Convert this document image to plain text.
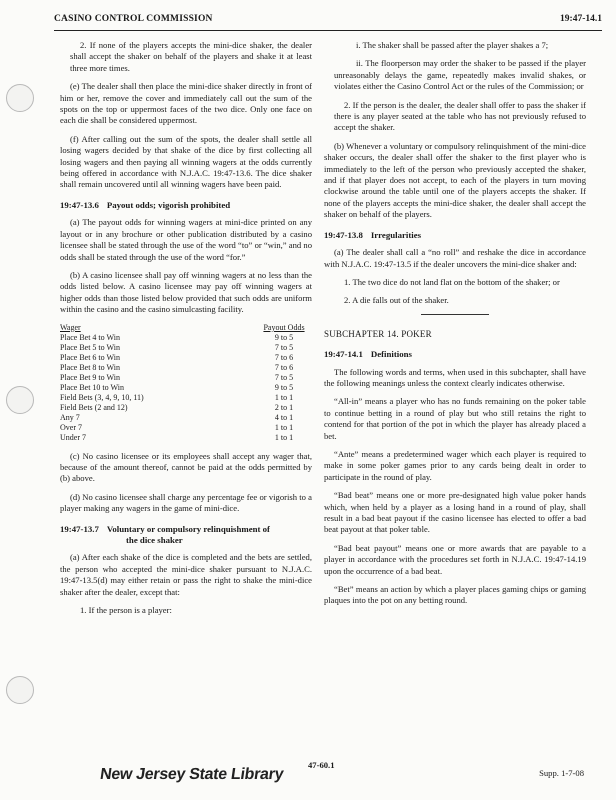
CASINO CONTROL COMMISSION	19:47-14.1

2. If none of the players accepts the mini-dice shaker, the dealer shall accept the shaker on behalf of the players and shake it at least three more times.

(e) The dealer shall then place the mini-dice shaker directly in front of him or her, remove the cover and immediately call out the sum of the spots on the top or uppermost faces of the two dice. Only one face on each die shall be considered uppermost.

(f) After calling out the sum of the spots, the dealer shall settle all losing wagers decided by that shake of the dice by first collecting all losing wagers and then paying all winning wagers at the odds currently being offered in accordance with N.J.A.C. 19:47-13.6. The dice shaker shall remain uncovered until all winning wagers have been paid.

19:47-13.6 Payout odds; vigorish prohibited

(a) The payout odds for winning wagers at mini-dice printed on any layout or in any brochure or other publication distributed by a casino licensee shall be stated through the use of the word “to” or “win,” and no odds shall be stated through the use of the word “for.”

(b) A casino licensee shall pay off winning wagers at no less than the odds listed below. A casino licensee may pay off winning wagers at higher odds than those listed below provided that such odds are uniform within the casino and the casino simulcasting facility.

Wager	Payout Odds
Place Bet 4 to Win	9 to 5
Place Bet 5 to Win	7 to 5
Place Bet 6 to Win	7 to 6
Place Bet 8 to Win	7 to 6
Place Bet 9 to Win	7 to 5
Place Bet 10 to Win	9 to 5
Field Bets (3, 4, 9, 10, 11)	1 to 1
Field Bets (2 and 12)	2 to 1
Any 7	4 to 1
Over 7	1 to 1
Under 7	1 to 1

(c) No casino licensee or its employees shall accept any wager that, because of the amount thereof, cannot be paid at the odds permitted by (b) above.

(d) No casino licensee shall charge any percentage fee or vigorish to a player making any wagers in the game of mini-dice.

19:47-13.7 Voluntary or compulsory relinquishment of
the dice shaker

(a) After each shake of the dice is completed and the bets are settled, the person who accepted the mini-dice shaker pursuant to N.J.A.C. 19:47-13.5(d) may either retain or pass the right to shake the mini-dice shaker after the dealer, except that:

1. If the person is a player:

i. The shaker shall be passed after the player shakes a 7;

ii. The floorperson may order the shaker to be passed if the player unreasonably delays the game, repeatedly makes invalid shakes, or violates either the Casino Control Act or the rules of the Commission; or

2. If the person is the dealer, the dealer shall offer to pass the shaker if there is any player seated at the table who has not previously refused to accept the shaker.

(b) Whenever a voluntary or compulsory relinquishment of the mini-dice shaker occurs, the dealer shall offer the shaker to the first player who is immediately to the left of the person who previously accepted the shaker, and if that player does not accept, to each of the players in turn moving clockwise around the table until one of the players accepts the shaker. If none of the players accepts the mini-dice shaker, the dealer shall accept the shaker on behalf of the players.

19:47-13.8 Irregularities

(a) The dealer shall call a “no roll” and reshake the dice in accordance with N.J.A.C. 19:47-13.5 if the dealer uncovers the mini-dice shaker and:

1. The two dice do not land flat on the bottom of the shaker; or

2. A die falls out of the shaker.

SUBCHAPTER 14. POKER
19:47-14.1 Definitions

The following words and terms, when used in this subchapter, shall have the following meanings unless the context clearly indicates otherwise.

“All-in” means a player who has no funds remaining on the poker table to continue betting in a round of play but who still retains the right to contend for that portion of the pot in which the player has already placed a bet.

“Ante” means a predetermined wager which each player is required to make in some poker games prior to any cards being dealt in order to participate in the round of play.

“Bad beat” means one or more pre-designated high value poker hands which, when held by a player as a losing hand in a round of play, shall result in a bad beat payout if the casino licensee has elected to offer a bad beat payout at that poker table.

“Bad beat payout” means one or more awards that are payable to a player in accordance with the procedures set forth in N.J.A.C. 19:47-14.19 upon the occurrence of a bad beat.

“Bet” means an action by which a player places gaming chips or gaming plaques into the pot on any betting round.

New Jersey State Library
47-60.1
Supp. 1-7-08
